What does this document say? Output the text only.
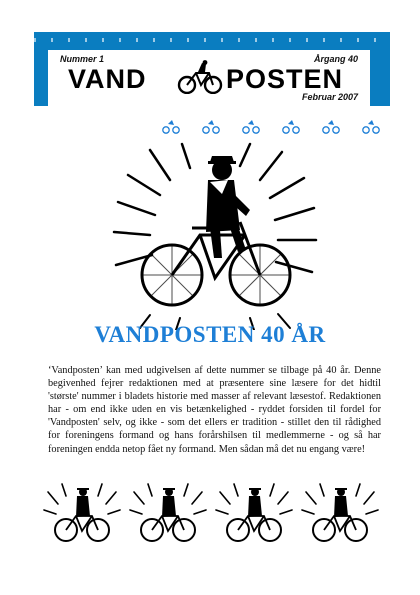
Nummer 1	Årgang 40
VAND	POSTEN
Februar 2007
VANDPOSTEN 40 ÅR
‘Vandposten’ kan med udgivelsen af dette nummer se tilbage på 40 år. Denne begivenhed fejrer redaktionen med at præsentere sine læsere for det hidtil 'største' nummer i bladets historie med masser af relevant læsestof. Redaktionen har - om end ikke uden en vis betænkelighed - ryddet forsiden til fordel for 'Vandposten' selv, og ikke - som det ellers er tradition - stillet den til rådighed for foreningens formand og hans forårshilsen til medlemmerne - og så har foreningen endda netop fået ny formand. Men sådan må det nu engang være!
